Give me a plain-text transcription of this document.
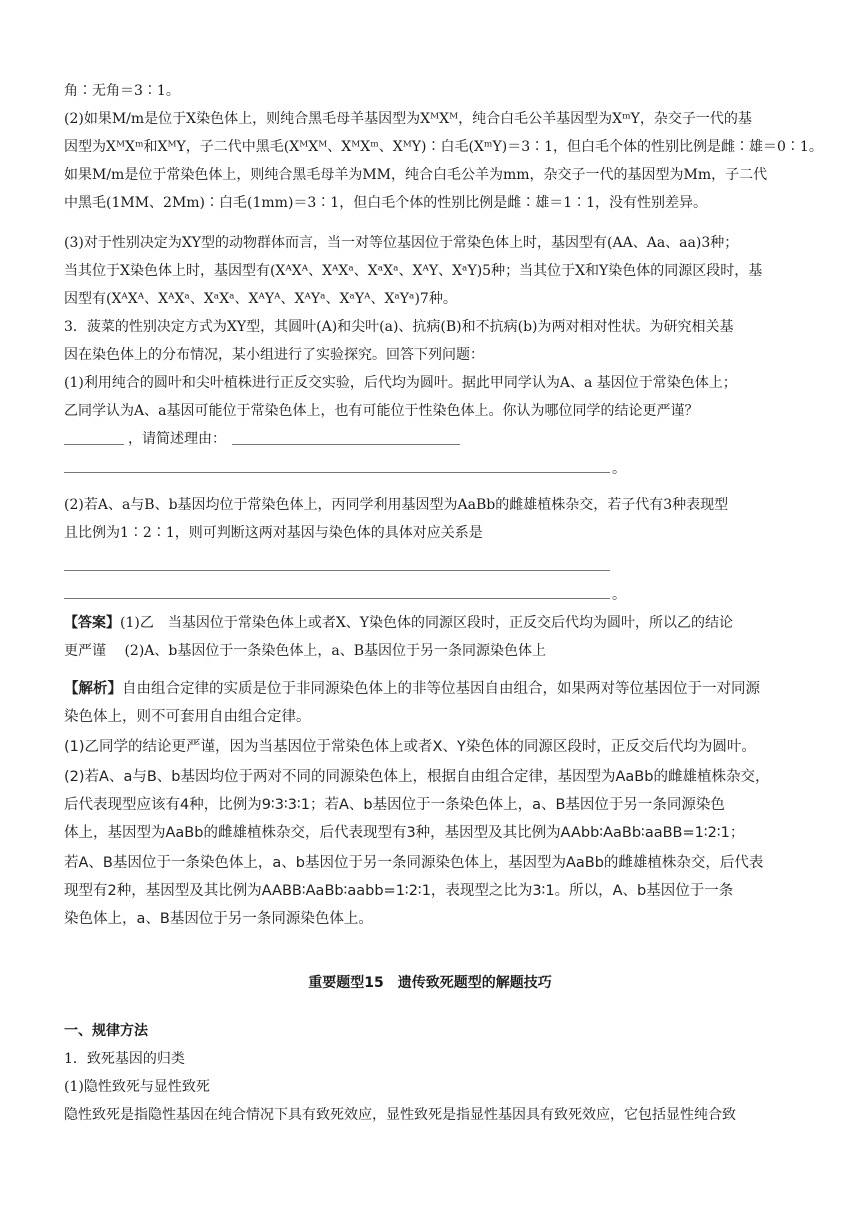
角∶无角＝3∶1。
(2)如果M/m是位于X染色体上，则纯合黑毛母羊基因型为XᴹXᴹ，纯合白毛公羊基因型为XᵐY，杂交子一代的基
因型为XᴹXᵐ和XᴹY，子二代中黑毛(XᴹXᴹ、XᴹXᵐ、XᴹY)∶白毛(XᵐY)＝3∶1，但白毛个体的性别比例是雌∶雄＝0∶1。
如果M/m是位于常染色体上，则纯合黑毛母羊为MM，纯合白毛公羊为mm，杂交子一代的基因型为Mm，子二代
中黑毛(1MM、2Mm)∶白毛(1mm)＝3∶1，但白毛个体的性别比例是雌∶雄＝1∶1，没有性别差异。
(3)对于性别决定为XY型的动物群体而言，当一对等位基因位于常染色体上时，基因型有(AA、Aa、aa)3种；
当其位于X染色体上时，基因型有(XᴬXᴬ、XᴬXᵃ、XᵃXᵃ、XᴬY、XᵃY)5种；当其位于X和Y染色体的同源区段时，基
因型有(XᴬXᴬ、XᴬXᵃ、XᵃXᵃ、XᴬYᴬ、XᴬYᵃ、XᵃYᴬ、XᵃYᵃ)7种。
3．菠菜的性别决定方式为XY型，其圆叶(A)和尖叶(a)、抗病(B)和不抗病(b)为两对相对性状。为研究相关基
因在染色体上的分布情况，某小组进行了实验探究。回答下列问题：
(1)利用纯合的圆叶和尖叶植株进行正反交实验，后代均为圆叶。据此甲同学认为A、a 基因位于常染色体上；
乙同学认为A、a基因可能位于常染色体上，也有可能位于性染色体上。你认为哪位同学的结论更严谨？
，请简述理由：
。
(2)若A、a与B、b基因均位于常染色体上，丙同学利用基因型为AaBb的雌雄植株杂交，若子代有3种表现型
且比例为1∶2∶1，则可判断这两对基因与染色体的具体对应关系是
。
【答案】(1)乙　当基因位于常染色体上或者X、Y染色体的同源区段时，正反交后代均为圆叶，所以乙的结论
更严谨　 (2)A、b基因位于一条染色体上，a、B基因位于另一条同源染色体上
【解析】自由组合定律的实质是位于非同源染色体上的非等位基因自由组合，如果两对等位基因位于一对同源
染色体上，则不可套用自由组合定律。
(1)乙同学的结论更严谨，因为当基因位于常染色体上或者X、Y染色体的同源区段时，正反交后代均为圆叶。
(2)若A、a与B、b基因均位于两对不同的同源染色体上，根据自由组合定律，基因型为AaBb的雌雄植株杂交，
后代表现型应该有4种，比例为9∶3∶3∶1；若A、b基因位于一条染色体上，a、B基因位于另一条同源染色
体上，基因型为AaBb的雌雄植株杂交，后代表现型有3种，基因型及其比例为AAbb∶AaBb∶aaBB=1∶2∶1；
若A、B基因位于一条染色体上，a、b基因位于另一条同源染色体上，基因型为AaBb的雌雄植株杂交，后代表
现型有2种，基因型及其比例为AABB∶AaBb∶aabb=1∶2∶1，表现型之比为3∶1。所以，A、b基因位于一条
染色体上，a、B基因位于另一条同源染色体上。
重要题型15　遗传致死题型的解题技巧
一、规律方法
1．致死基因的归类
(1)隐性致死与显性致死
隐性致死是指隐性基因在纯合情况下具有致死效应，显性致死是指显性基因具有致死效应，它包括显性纯合致
